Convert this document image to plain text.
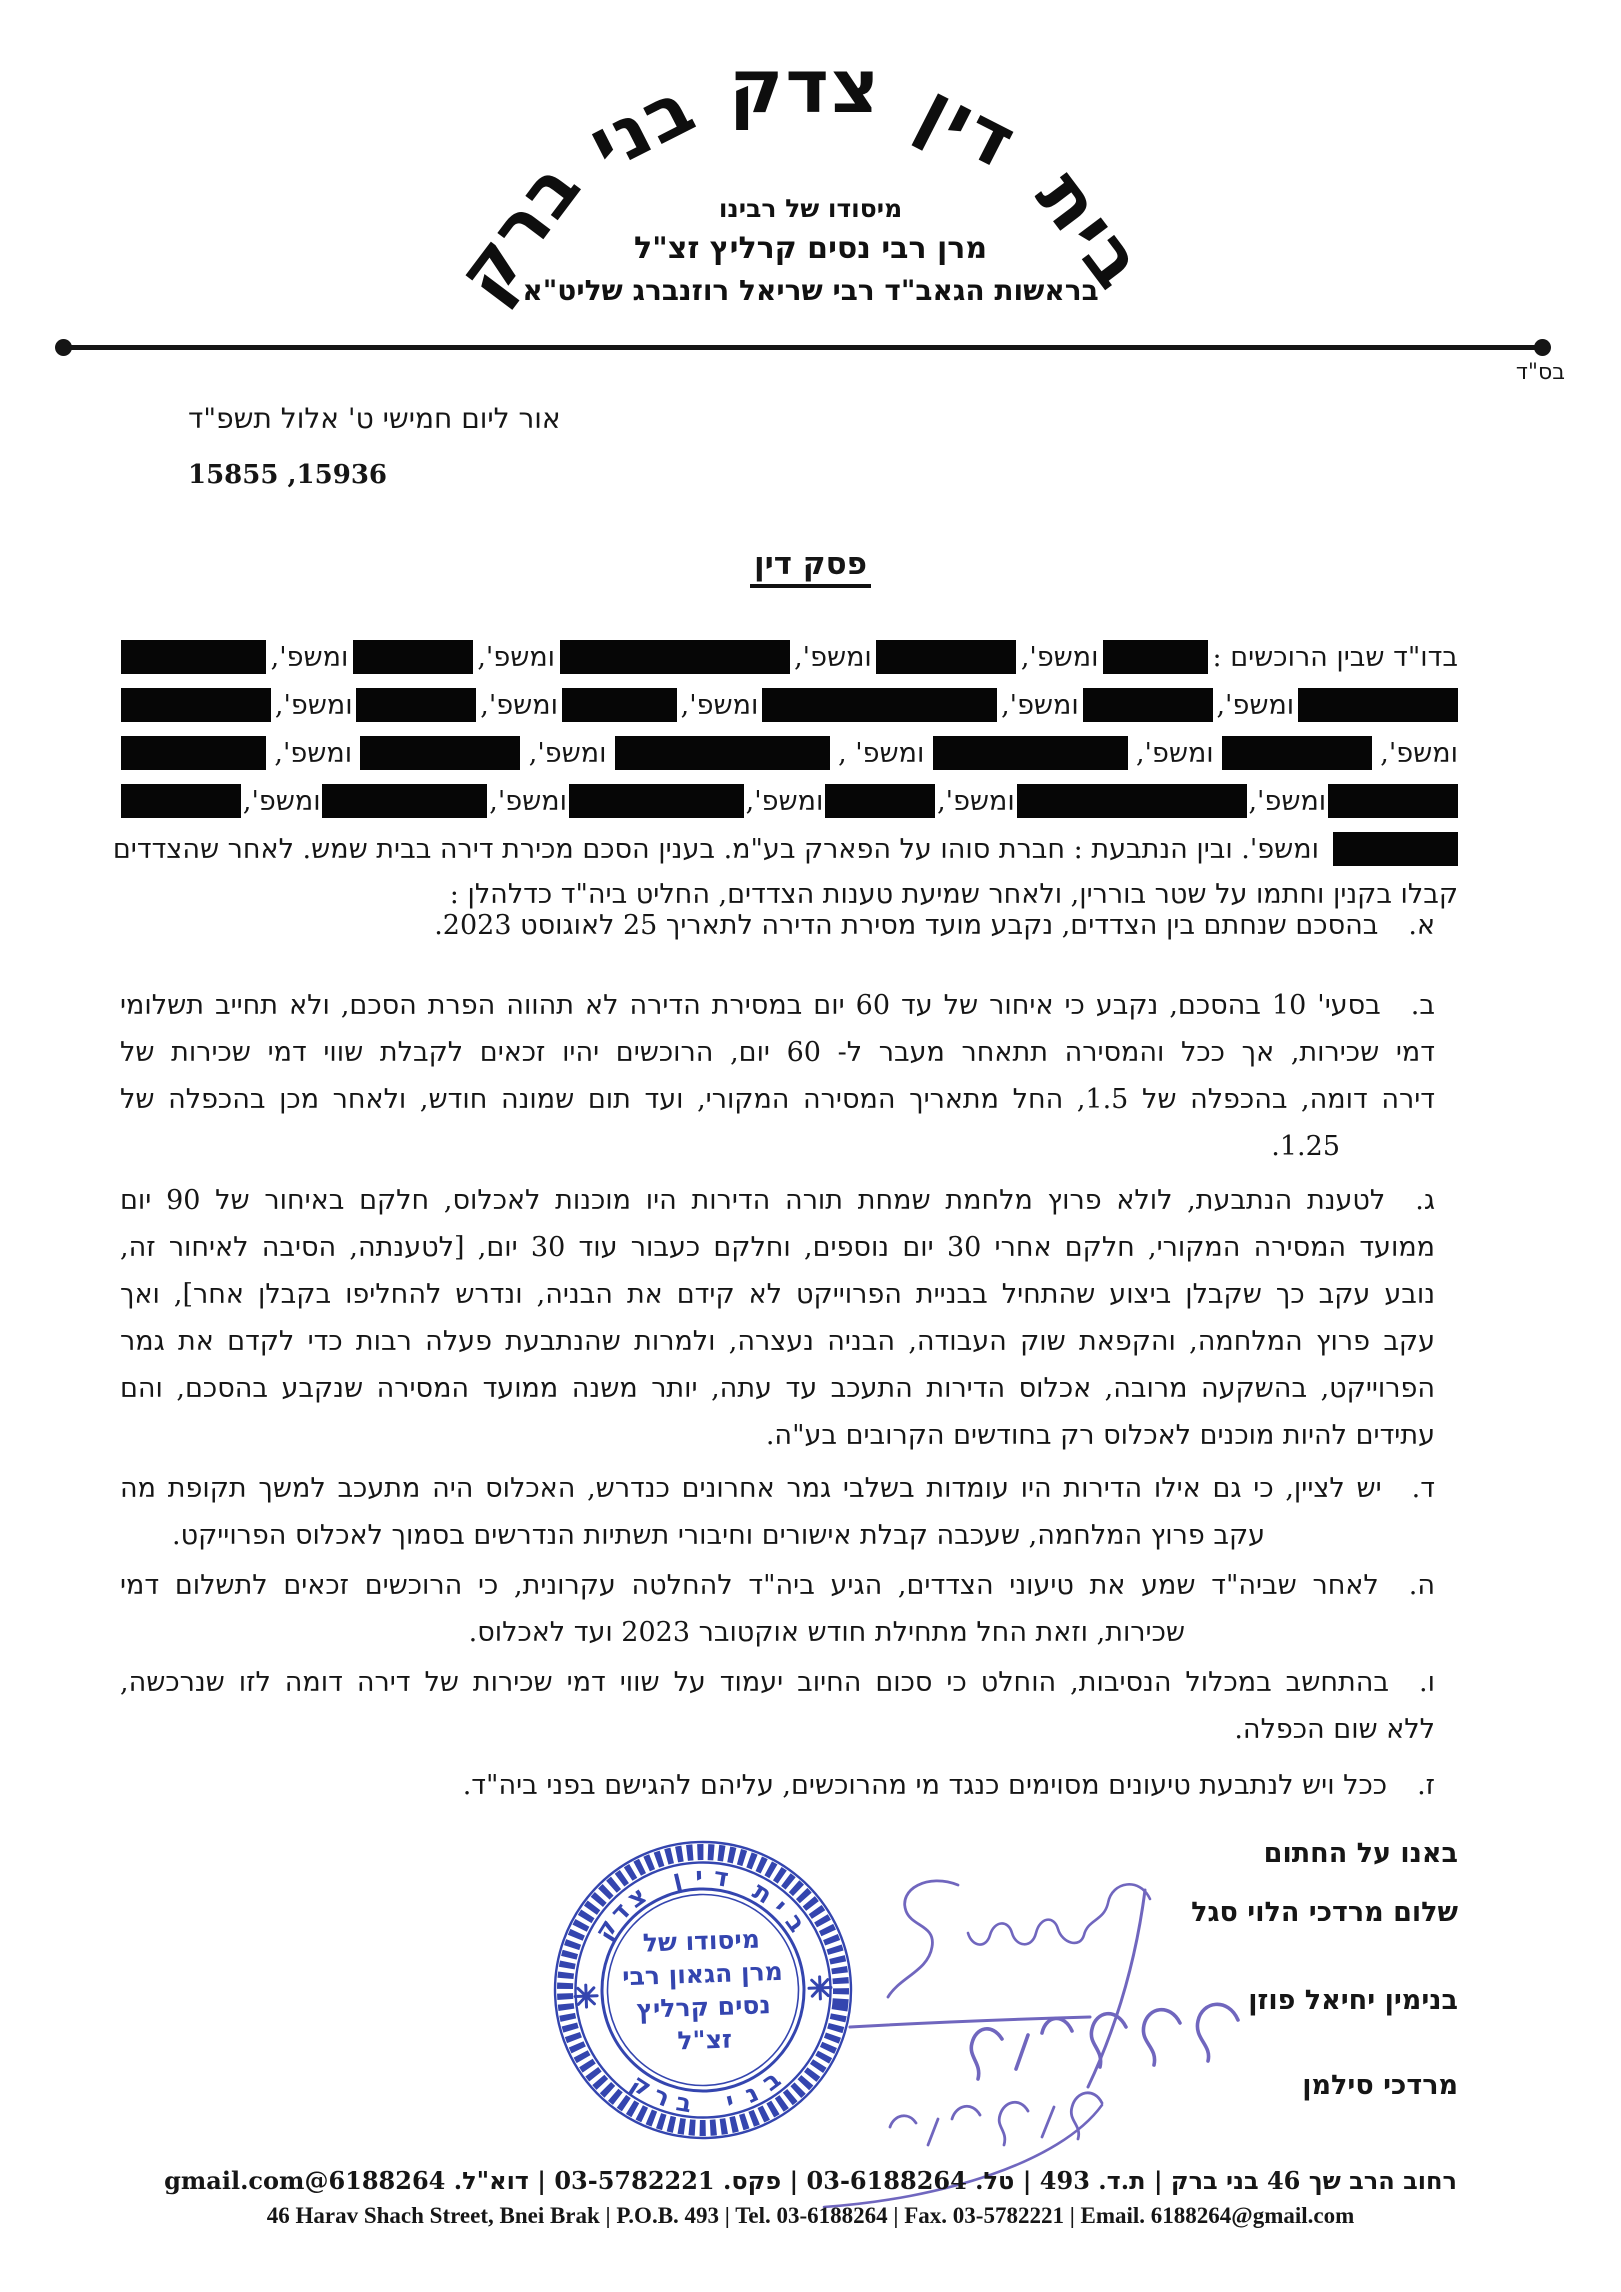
בית
דין
צדק
בני
ברק	מיסודו של רבינו
מרן רבי נסים קרליץ זצ"ל
בראשות הגאב"ד רבי שריאל רוזנברג שליט"א
בס"ד
אור ליום חמישי ט' אלול תשפ"ד
15855 ,15936
פסק דין
בדו"ד שבין הרוכשים :
ומשפ',
ומשפ',
ומשפ',
ומשפ',
ומשפ',
ומשפ',
ומשפ',
ומשפ',
ומשפ',
ומשפ',
ומשפ',
ומשפ' ,
ומשפ',
ומשפ',
ומשפ',
ומשפ',
ומשפ',
ומשפ',
ומשפ',
ומשפ'. ובין הנתבעת : חברת סוהו על הפארק בע"מ. בענין הסכם מכירת דירה בבית שמש. לאחר שהצדדים
קבלו בקנין וחתמו על שטר בוררין, ולאחר שמיעת טענות הצדדים, החליט ביה"ד כדלהלן :
א.בהסכם שנחתם בין הצדדים, נקבע מועד מסירת הדירה לתאריך 25 לאוגוסט 2023.
ב.בסעי' 10 בהסכם, נקבע כי איחור של עד 60 יום במסירת הדירה לא תהווה הפרת הסכם, ולא תחייב תשלומי
דמי שכירות, אך ככל והמסירה תתאחר מעבר ל- 60 יום, הרוכשים יהיו זכאים לקבלת שווי דמי שכירות של
דירה דומה, בהכפלה של 1.5, החל מתאריך המסירה המקורי, ועד תום שמונה חודש, ולאחר מכן בהכפלה של
1.25.
ג.לטענת הנתבעת, לולא פרוץ מלחמת שמחת תורה הדירות היו מוכנות לאכלוס, חלקם באיחור של 90 יום
ממועד המסירה המקורי, חלקם אחרי 30 יום נוספים, וחלקם כעבור עוד 30 יום, [לטענתה, הסיבה לאיחור זה,
נובע עקב כך שקבלן ביצוע שהתחיל בבניית הפרוייקט לא קידם את הבניה, ונדרש להחליפו בקבלן אחר], ואך
עקב פרוץ המלחמה, והקפאת שוק העבודה, הבניה נעצרה, ולמרות שהנתבעת פעלה רבות כדי לקדם את גמר
הפרוייקט, בהשקעה מרובה, אכלוס הדירות התעכב עד עתה, יותר משנה ממועד המסירה שנקבע בהסכם, והם
עתידים להיות מוכנים לאכלוס רק בחודשים הקרובים בע"ה.
ד.יש לציין, כי גם אילו הדירות היו עומדות בשלבי גמר אחרונים כנדרש, האכלוס היה מתעכב למשך תקופת מה
עקב פרוץ המלחמה, שעכבה קבלת אישורים וחיבורי תשתיות הנדרשים בסמוך לאכלוס הפרוייקט.
ה.לאחר שביה"ד שמע את טיעוני הצדדים, הגיע ביה"ד להחלטה עקרונית, כי הרוכשים זכאים לתשלום דמי
שכירות, וזאת החל מתחילת חודש אוקטובר 2023 ועד לאכלוס.
ו.בהתחשב במכלול הנסיבות, הוחלט כי סכום החיוב יעמוד על שווי דמי שכירות של דירה דומה לזו שנרכשה,
ללא שום הכפלה.
ז.ככל ויש לנתבעת טיעונים מסוימים כנגד מי מהרוכשים, עליהם להגישם בפני ביה"ד.
באנו על החתום
שלום מרדכי הלוי סגל
בנימין יחיאל פוזן
מרדכי סילמן
ב
י
ת
ד
י
ן
צ
ד
ק
ב
נ
י
ב
ר
ק
מיסודו של
מרן הגאון רבי
נסים קרליץ
זצ"ל
רחוב הרב שך 46 בני ברק | ת.ד. 493 | טל. 03-6188264 | פקס. 03-5782221 | דוא"ל. 6188264@gmail.com
46 Harav Shach Street, Bnei Brak | P.O.B. 493 | Tel. 03-6188264 | Fax. 03-5782221 | Email. 6188264@gmail.com
